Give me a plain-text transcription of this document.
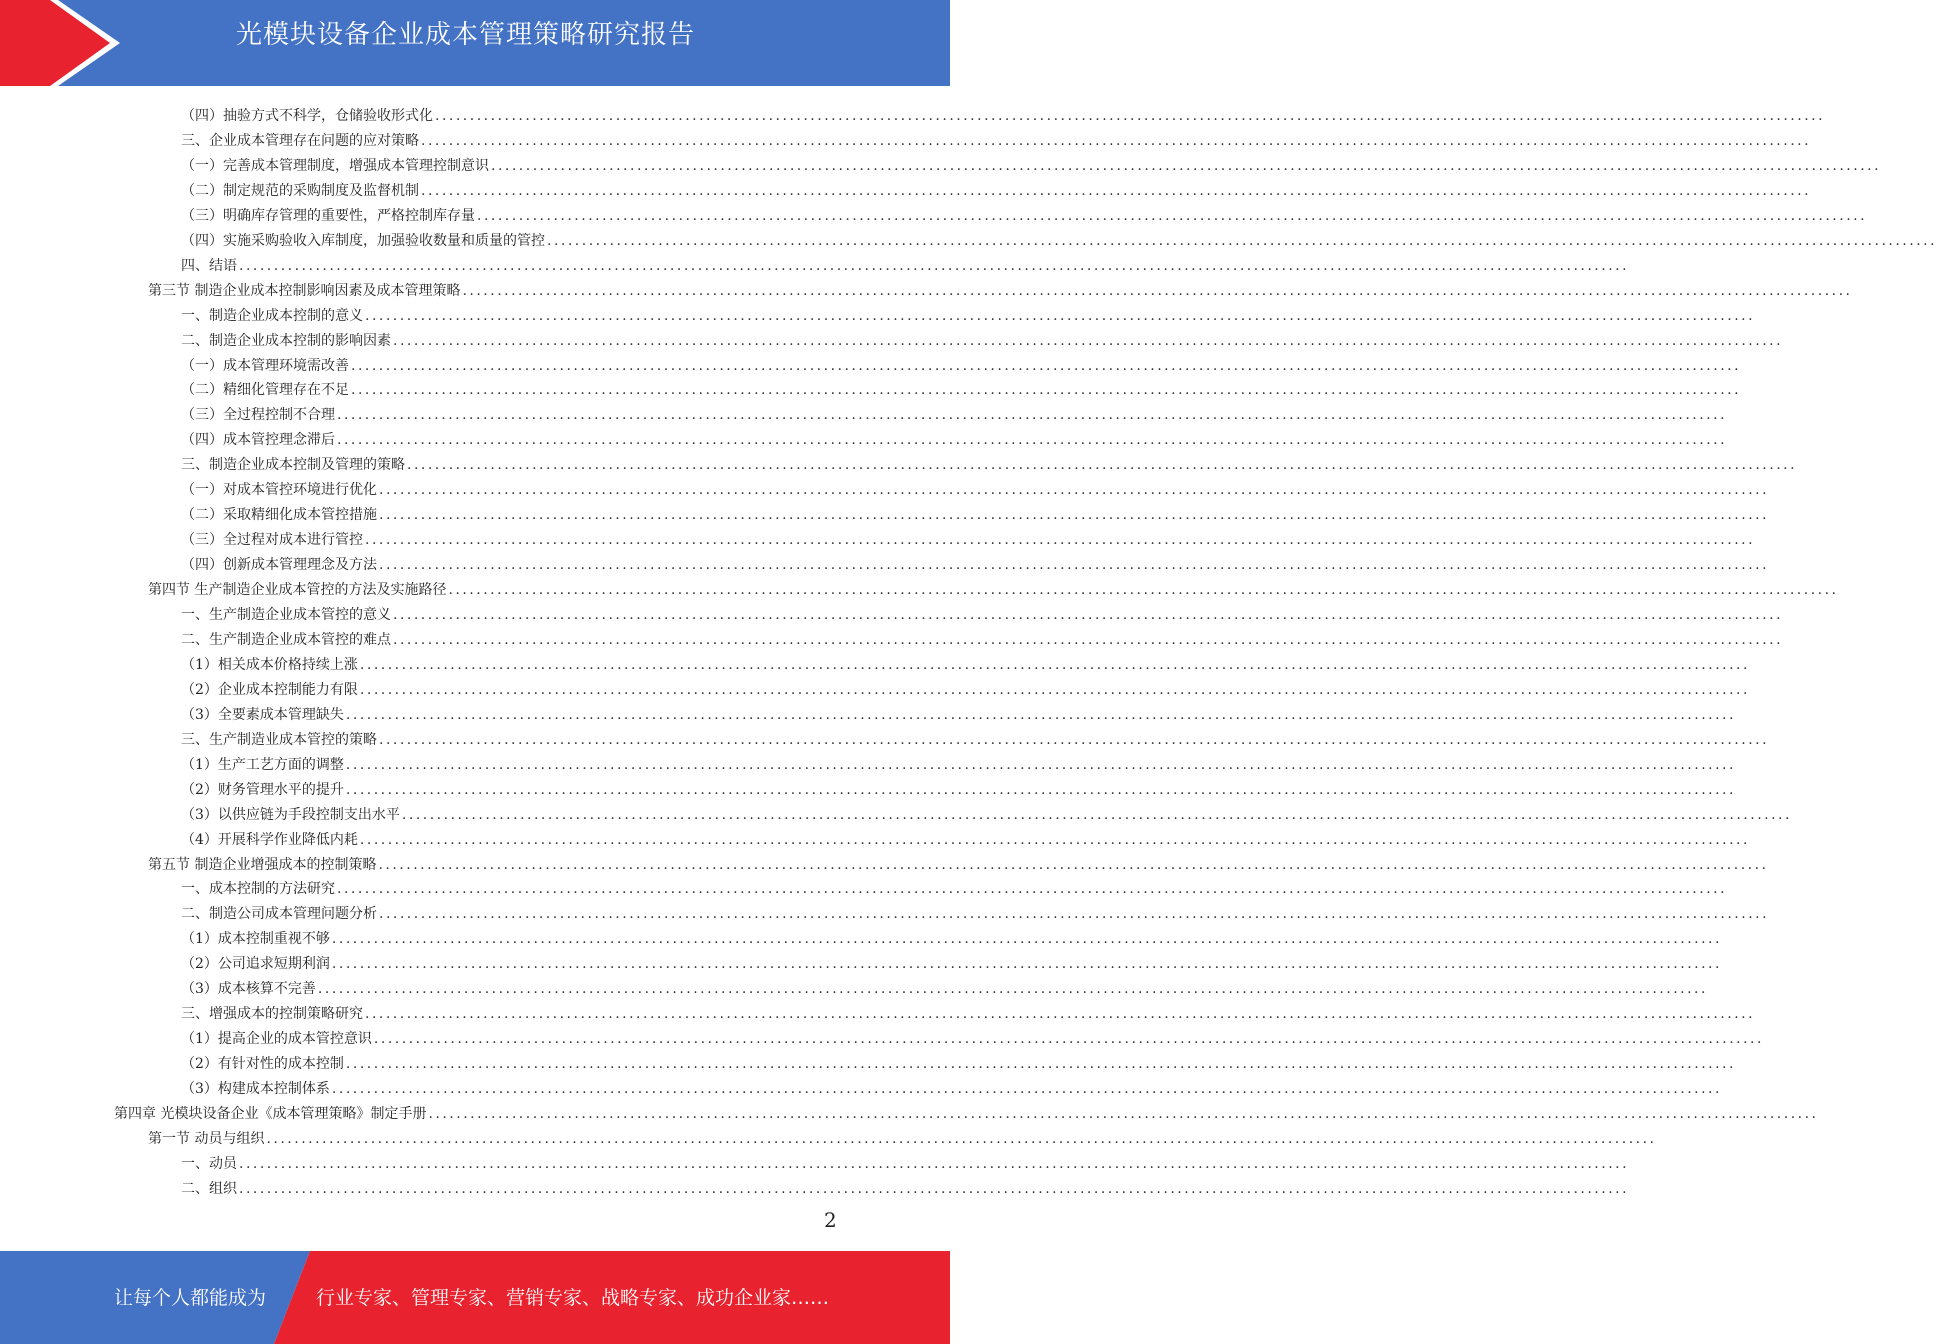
光模块设备企业成本管理策略研究报告
（四）抽验方式不科学，仓储验收形式化 ........................................................................................................................................................................................................
三、企业成本管理存在问题的应对策略 ........................................................................................................................................................................................................
（一）完善成本管理制度，增强成本管理控制意识 ........................................................................................................................................................................................................
（二）制定规范的采购制度及监督机制 ........................................................................................................................................................................................................
（三）明确库存管理的重要性，严格控制库存量 ........................................................................................................................................................................................................
（四）实施采购验收入库制度，加强验收数量和质量的管控 ........................................................................................................................................................................................................
四、结语 ........................................................................................................................................................................................................
第三节 制造企业成本控制影响因素及成本管理策略 ........................................................................................................................................................................................................
一、制造企业成本控制的意义 ........................................................................................................................................................................................................
二、制造企业成本控制的影响因素 ........................................................................................................................................................................................................
（一）成本管理环境需改善 ........................................................................................................................................................................................................
（二）精细化管理存在不足 ........................................................................................................................................................................................................
（三）全过程控制不合理 ........................................................................................................................................................................................................
（四）成本管控理念滞后 ........................................................................................................................................................................................................
三、制造企业成本控制及管理的策略 ........................................................................................................................................................................................................
（一）对成本管控环境进行优化 ........................................................................................................................................................................................................
（二）采取精细化成本管控措施 ........................................................................................................................................................................................................
（三）全过程对成本进行管控 ........................................................................................................................................................................................................
（四）创新成本管理理念及方法 ........................................................................................................................................................................................................
第四节 生产制造企业成本管控的方法及实施路径 ........................................................................................................................................................................................................
一、生产制造企业成本管控的意义 ........................................................................................................................................................................................................
二、生产制造企业成本管控的难点 ........................................................................................................................................................................................................
（1）相关成本价格持续上涨 ........................................................................................................................................................................................................
（2）企业成本控制能力有限 ........................................................................................................................................................................................................
（3）全要素成本管理缺失 ........................................................................................................................................................................................................
三、生产制造业成本管控的策略 ........................................................................................................................................................................................................
（1）生产工艺方面的调整 ........................................................................................................................................................................................................
（2）财务管理水平的提升 ........................................................................................................................................................................................................
（3）以供应链为手段控制支出水平 ........................................................................................................................................................................................................
（4）开展科学作业降低内耗 ........................................................................................................................................................................................................
第五节 制造企业增强成本的控制策略 ........................................................................................................................................................................................................
一、成本控制的方法研究 ........................................................................................................................................................................................................
二、制造公司成本管理问题分析 ........................................................................................................................................................................................................
（1）成本控制重视不够 ........................................................................................................................................................................................................
（2）公司追求短期利润 ........................................................................................................................................................................................................
（3）成本核算不完善 ........................................................................................................................................................................................................
三、增强成本的控制策略研究 ........................................................................................................................................................................................................
（1）提高企业的成本管控意识 ........................................................................................................................................................................................................
（2）有针对性的成本控制 ........................................................................................................................................................................................................
（3）构建成本控制体系 ........................................................................................................................................................................................................
第四章 光模块设备企业《成本管理策略》制定手册 ........................................................................................................................................................................................................
第一节 动员与组织 ........................................................................................................................................................................................................
一、动员 ........................................................................................................................................................................................................
二、组织 ........................................................................................................................................................................................................
2
让每个人都能成为	行业专家、管理专家、营销专家、战略专家、成功企业家……
